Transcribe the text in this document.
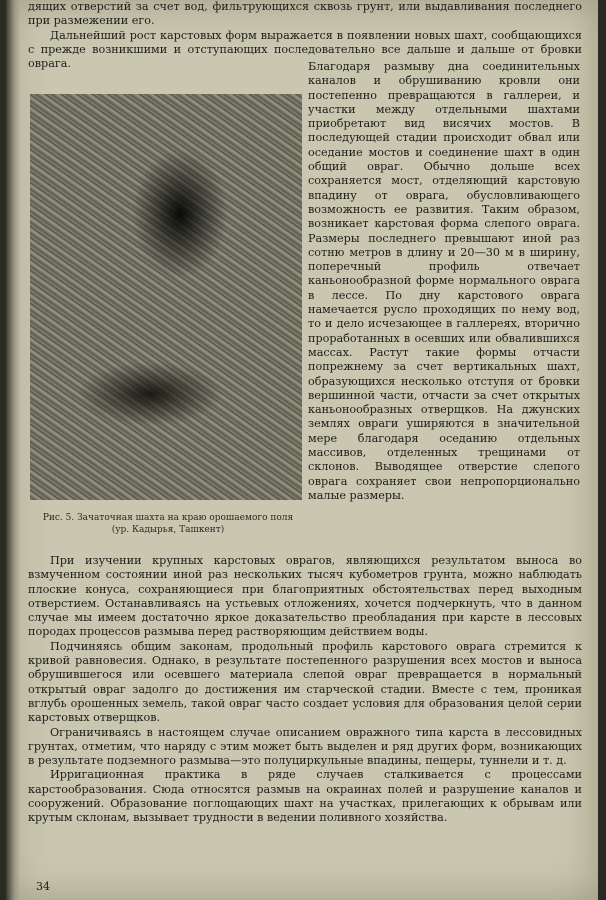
дящих отверстий за счет вод, фильтрующихся сквозь грунт, или выдавливания последнего при размежении его.

Дальнейший рост карстовых форм выражается в появлении новых шахт, сообщающихся с прежде возникшими и отступающих последовательно все дальше и дальше от бровки оврага.

Рис. 5. Зачаточная шахта на краю орошаемого поля (ур. Кадырья, Ташкент)

Благодаря размыву дна соединительных каналов и обрушиванию кровли они постепенно превращаются в галлереи, и участки между отдельными шахтами приобретают вид висячих мостов. В последующей стадии происходит обвал или оседание мостов и соединение шахт в один общий овраг. Обычно дольше всех сохраняется мост, отделяющий карстовую впадину от оврага, обусловливающего возможность ее развития. Таким образом, возникает карстовая форма слепого оврага. Размеры последнего превышают иной раз сотню метров в длину и 20—30 м в ширину, поперечный профиль отвечает каньонообразной форме нормального оврага в лессе. По дну карстового оврага намечается русло проходящих по нему вод, то и дело исчезающее в галлереях, вторично проработанных в осевших или обвалившихся массах. Растут такие формы отчасти попрежнему за счет вертикальных шахт, образующихся несколько отступя от бровки вершинной части, отчасти за счет открытых каньонообразных отверщков. На джунских землях овраги уширяются в значительной мере благодаря оседанию отдельных массивов, отделенных трещинами от склонов. Выводящее отверстие слепого оврага сохраняет свои непропорционально малые размеры.

При изучении крупных карстовых оврагов, являющихся результатом выноса во взмученном состоянии иной раз нескольких тысяч кубометров грунта, можно наблюдать плоские конуса, сохраняющиеся при благоприятных обстоятельствах перед выходным отверстием. Останавливаясь на устьевых отложениях, хочется подчеркнуть, что в данном случае мы имеем достаточно яркое доказательство преобладания при карсте в лессовых породах процессов размыва перед растворяющим действием воды.

Подчиняясь общим законам, продольный профиль карстового оврага стремится к кривой равновесия. Однако, в результате постепенного разрушения всех мостов и выноса обрушившегося или осевшего материала слепой овраг превращается в нормальный открытый овраг задолго до достижения им старческой стадии. Вместе с тем, проникая вглубь орошенных земель, такой овраг часто создает условия для образования целой серии карстовых отверщков.

Ограничиваясь в настоящем случае описанием овражного типа карста в лессовидных грунтах, отметим, что наряду с этим может быть выделен и ряд других форм, возникающих в результате подземного размыва—это полуциркульные впадины, пещеры, туннели и т. д.

Ирригационная практика в ряде случаев сталкивается с процессами карстообразования. Сюда относятся размыв на окраинах полей и разрушение каналов и сооружений. Образование поглощающих шахт на участках, прилегающих к обрывам или крутым склонам, вызывает трудности в ведении поливного хозяйства.

34
